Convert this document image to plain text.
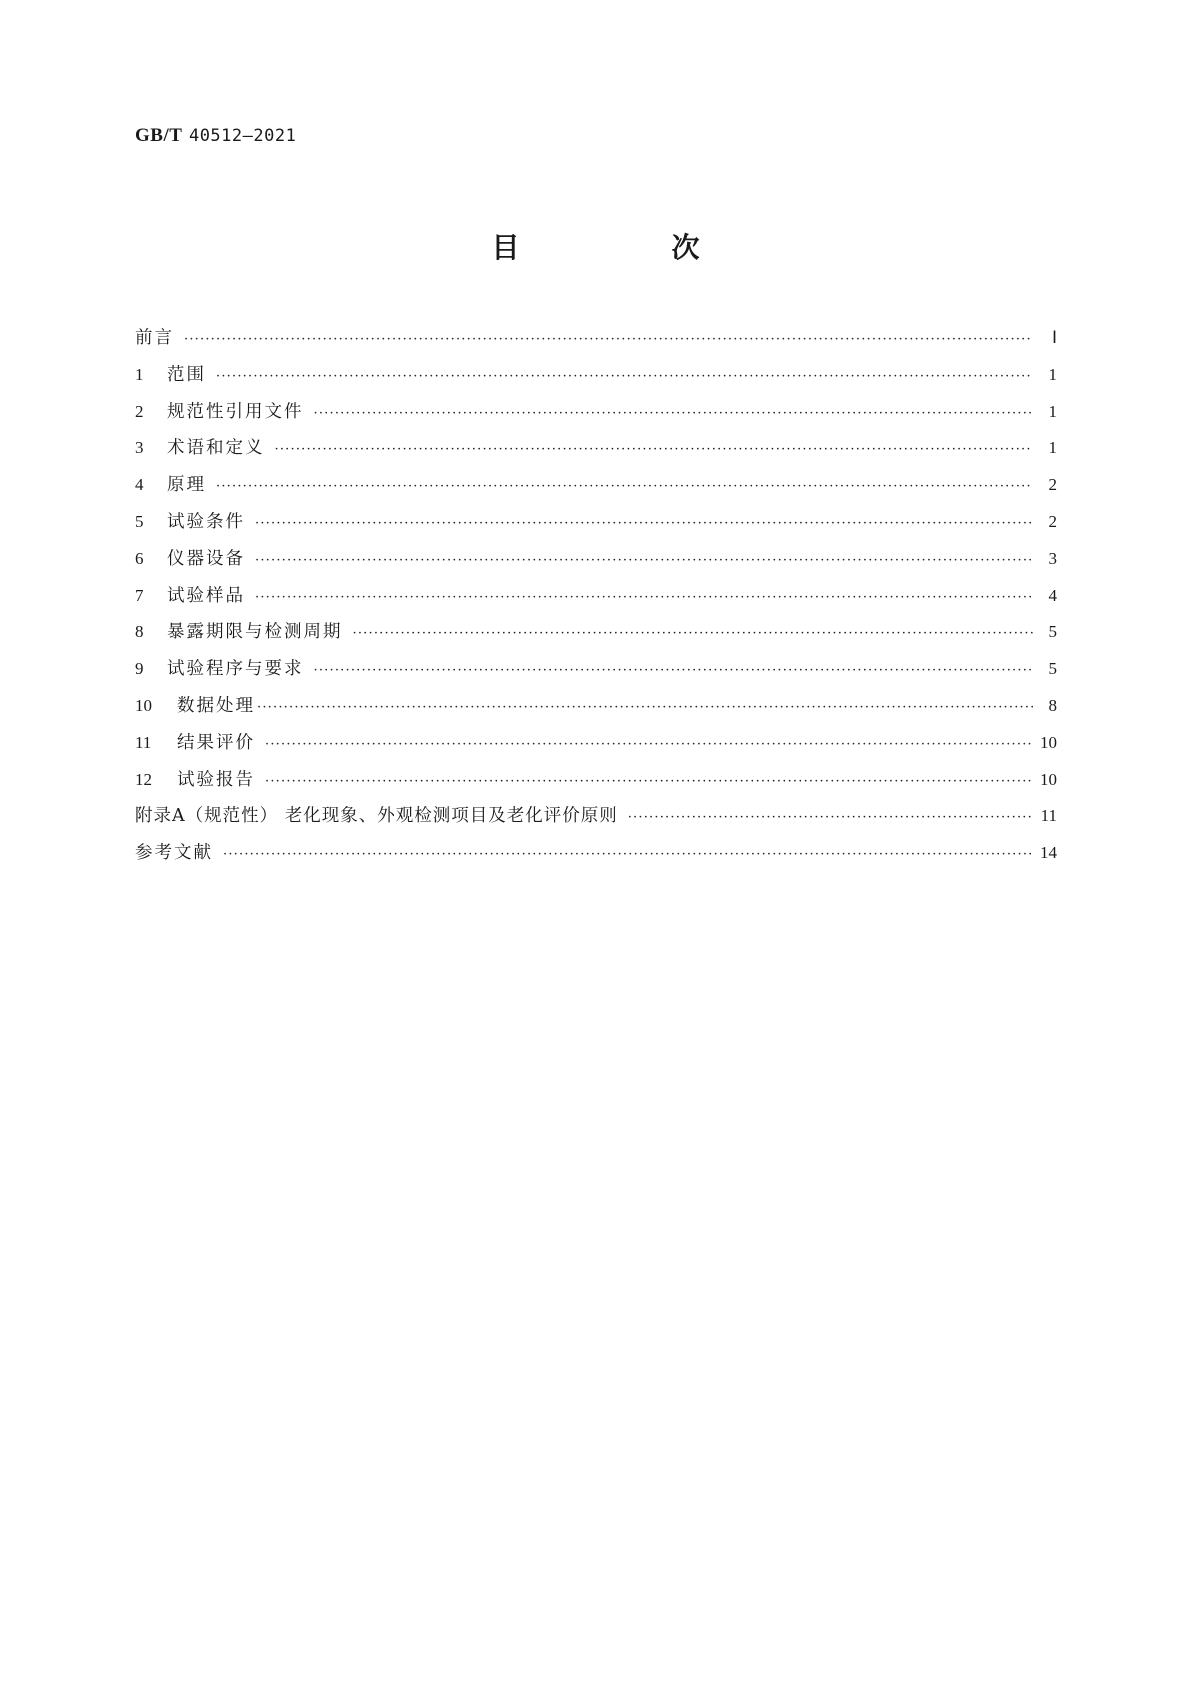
GB/T 40512—2021
目　次
前言 ·····	Ⅰ
1	范围 ·····	1
2	规范性引用文件 ·····	1
3	术语和定义 ·····	1
4	原理 ·····	2
5	试验条件 ·····	2
6	仪器设备 ·····	3
7	试验样品 ·····	4
8	暴露期限与检测周期 ·····	5
9	试验程序与要求 ·····	5
10	数据处理 ·····	8
11	结果评价 ·····	10
12	试验报告 ·····	10
附录A（规范性） 老化现象、外观检测项目及老化评价原则 ·····	11
参考文献 ·····	14
